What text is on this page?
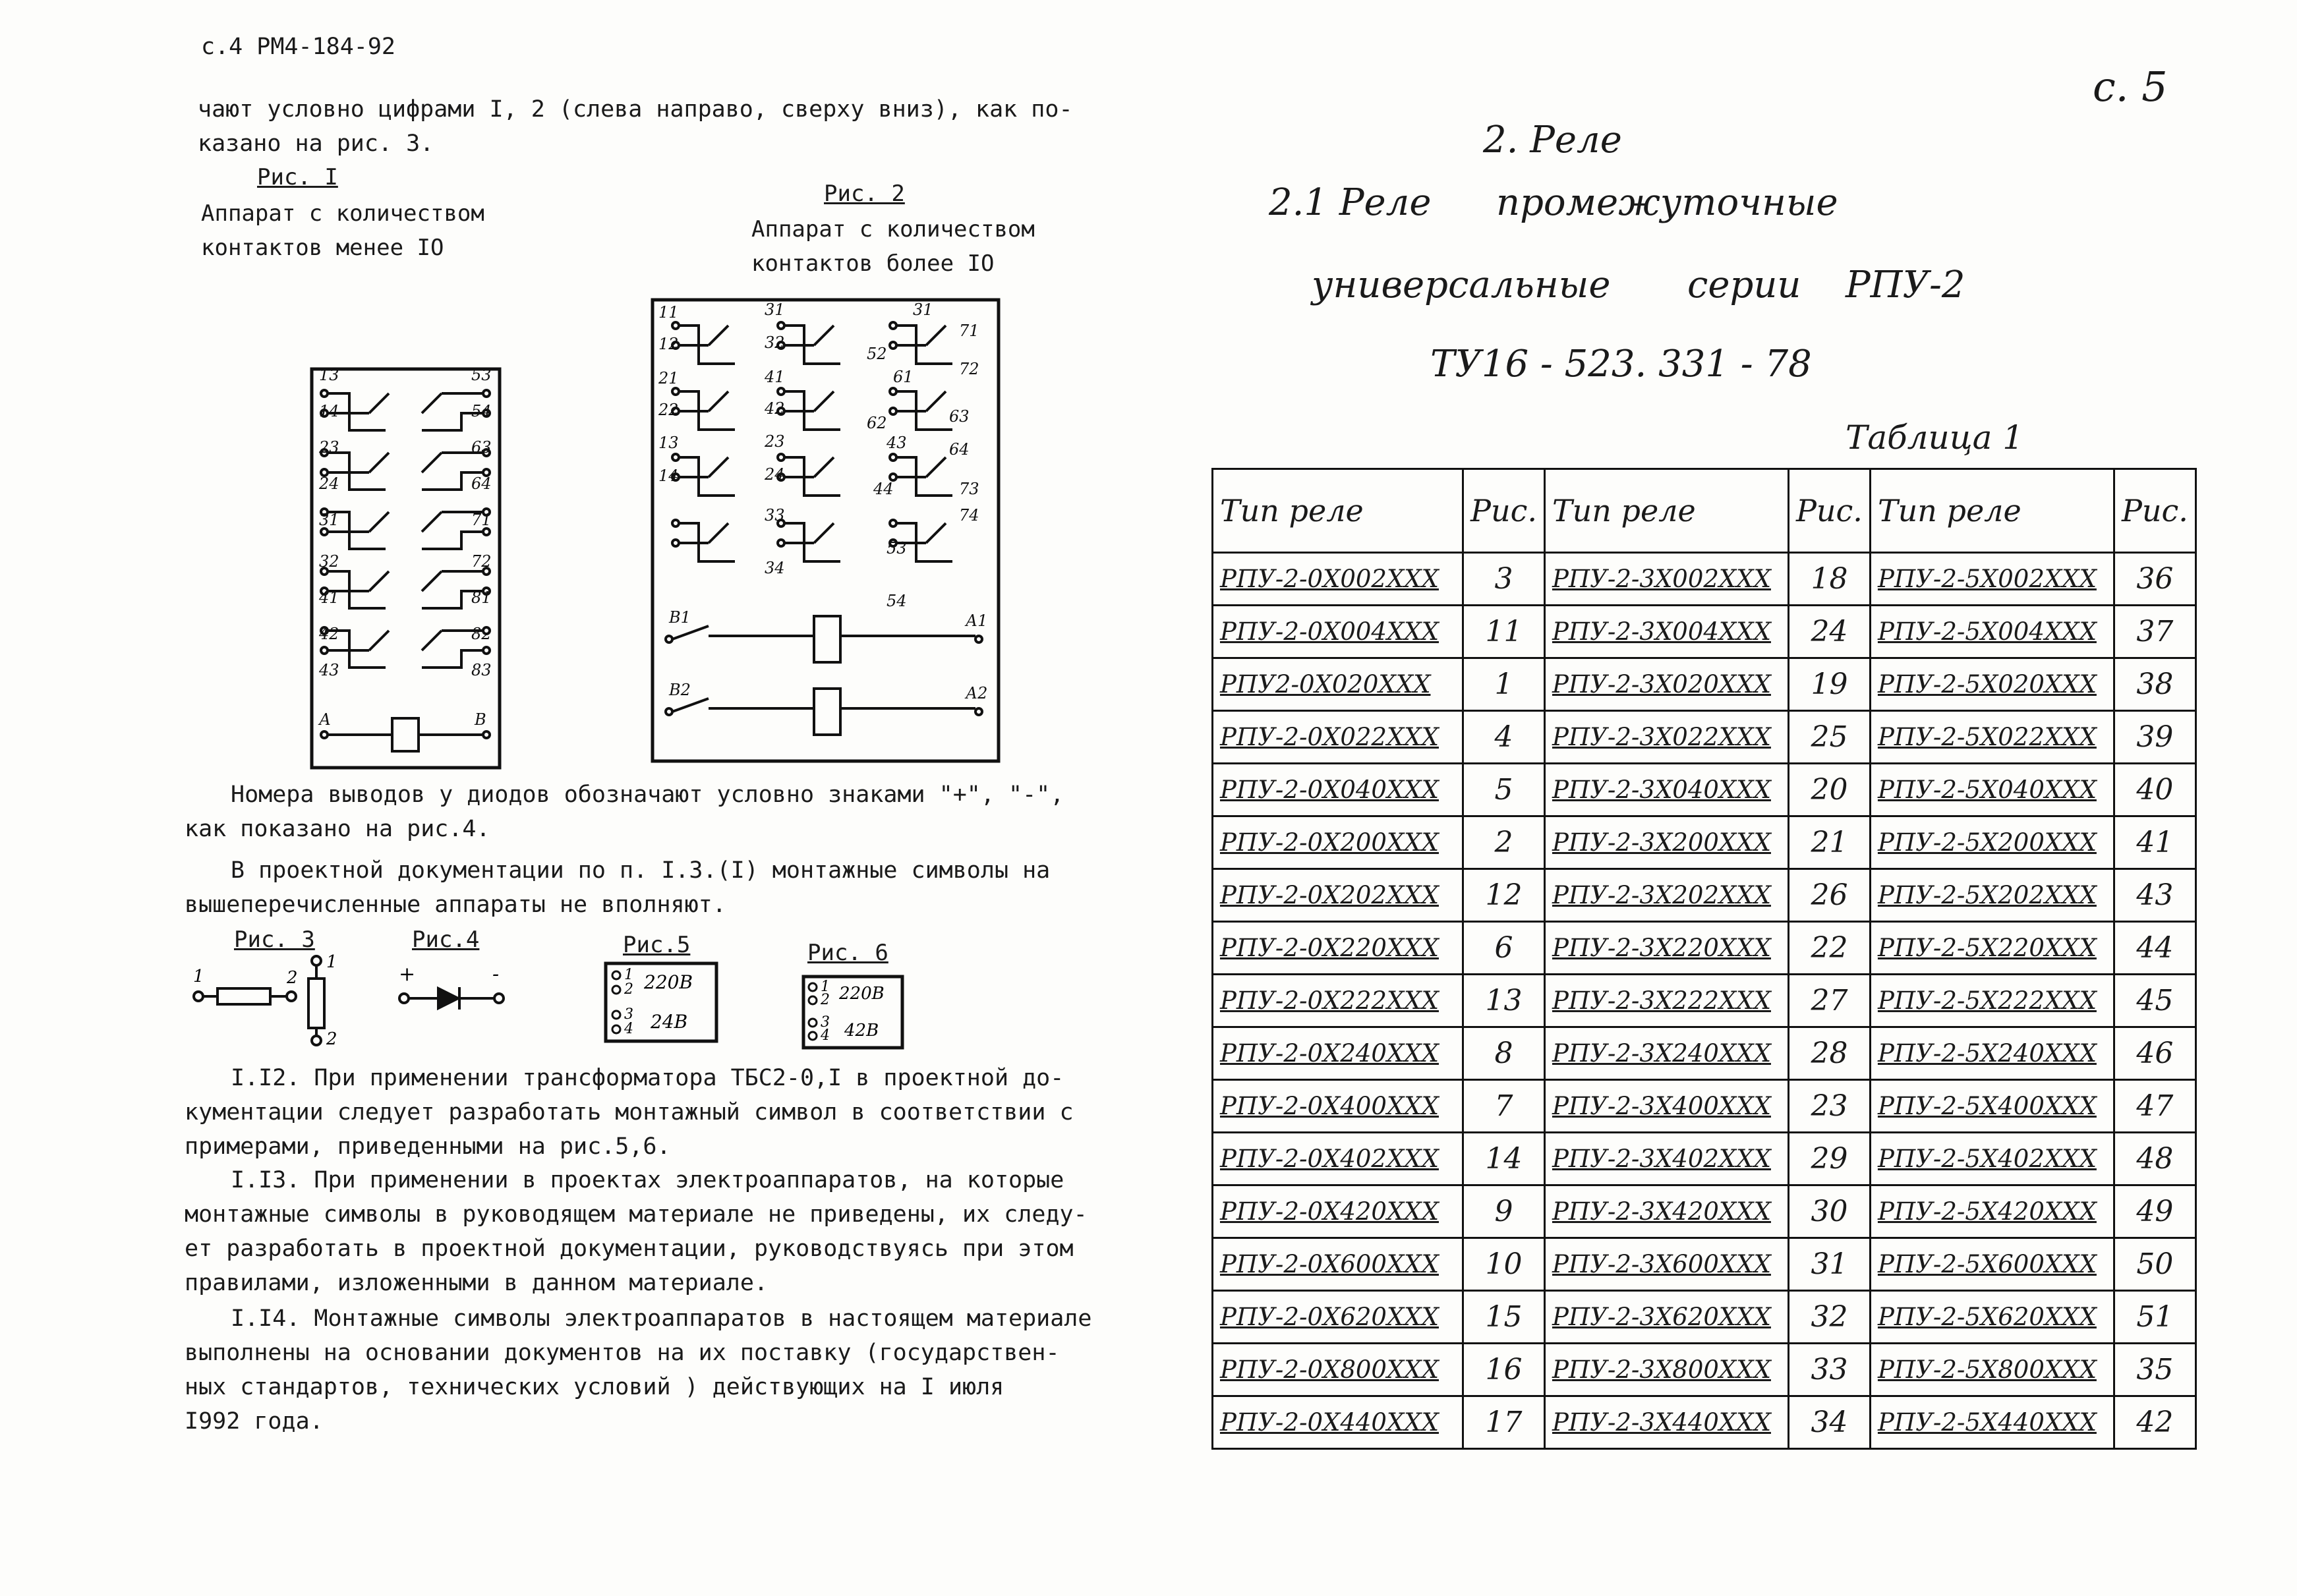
с.4 РМ4-184-92
чают условно цифрами I, 2 (слева направо, сверху вниз), как по-
казано на рис. 3.
Рис. I
Аппарат с количеством
контактов менее IO
Рис. 2
Аппарат с количеством
контактов более IO
13	53
14	54
23	63
24	64
31	71
32	72
41	81
42	82
43	83
А	В
11
12
21
22
13
14
31
32
41
42
23
24
33
34
31
52
61
62
43
44
53
54
71
72
63
64
73
74
В1	А1
В2	А2
Номера выводов у диодов обозначают условно знаками "+", "-",
как показано на рис.4.
В проектной документации по п. I.3.(I) монтажные символы на
вышеперечисленные аппараты не вполняют.
Рис. 3
1	2
1
2
Рис.4
+	-
Рис.5
1
2
3
4
220В
24В
Рис. 6
1
2
3
4
220В
42В
I.I2. При применении трансформатора ТБС2-0,I в проектной до-
кументации следует разработать монтажный символ в соответствии с
примерами, приведенными на рис.5,6.
I.I3. При применении в проектах электроаппаратов, на которые
монтажные символы в руководящем материале не приведены, их следу-
ет разработать в проектной документации, руководствуясь при этом
правилами, изложенными в данном материале.
I.I4. Монтажные символы электроаппаратов в настоящем материале
выполнены на основании документов на их поставку (государствен-
ных стандартов, технических условий ) действующих на I июля
I992 года.
с. 5
2. Реле
2.1 Реле промежуточные
универсальные серии РПУ-2
ТУ16 - 523. 331 - 78
Таблица 1
Тип реле	Рис.	Тип реле	Рис.	Тип реле	Рис.
РПУ-2-0Х002ХХХ	3	РПУ-2-3Х002ХХХ	18	РПУ-2-5Х002ХХХ	36
РПУ-2-0Х004ХХХ	11	РПУ-2-3Х004ХХХ	24	РПУ-2-5Х004ХХХ	37
РПУ2-0Х020ХХХ	1	РПУ-2-3Х020ХХХ	19	РПУ-2-5Х020ХХХ	38
РПУ-2-0Х022ХХХ	4	РПУ-2-3Х022ХХХ	25	РПУ-2-5Х022ХХХ	39
РПУ-2-0Х040ХХХ	5	РПУ-2-3Х040ХХХ	20	РПУ-2-5Х040ХХХ	40
РПУ-2-0Х200ХХХ	2	РПУ-2-3Х200ХХХ	21	РПУ-2-5Х200ХХХ	41
РПУ-2-0Х202ХХХ	12	РПУ-2-3Х202ХХХ	26	РПУ-2-5Х202ХХХ	43
РПУ-2-0Х220ХХХ	6	РПУ-2-3Х220ХХХ	22	РПУ-2-5Х220ХХХ	44
РПУ-2-0Х222ХХХ	13	РПУ-2-3Х222ХХХ	27	РПУ-2-5Х222ХХХ	45
РПУ-2-0Х240ХХХ	8	РПУ-2-3Х240ХХХ	28	РПУ-2-5Х240ХХХ	46
РПУ-2-0Х400ХХХ	7	РПУ-2-3Х400ХХХ	23	РПУ-2-5Х400ХХХ	47
РПУ-2-0Х402ХХХ	14	РПУ-2-3Х402ХХХ	29	РПУ-2-5Х402ХХХ	48
РПУ-2-0Х420ХХХ	9	РПУ-2-3Х420ХХХ	30	РПУ-2-5Х420ХХХ	49
РПУ-2-0Х600ХХХ	10	РПУ-2-3Х600ХХХ	31	РПУ-2-5Х600ХХХ	50
РПУ-2-0Х620ХХХ	15	РПУ-2-3Х620ХХХ	32	РПУ-2-5Х620ХХХ	51
РПУ-2-0Х800ХХХ	16	РПУ-2-3Х800ХХХ	33	РПУ-2-5Х800ХХХ	35
РПУ-2-0Х440ХХХ	17	РПУ-2-3Х440ХХХ	34	РПУ-2-5Х440ХХХ	42
